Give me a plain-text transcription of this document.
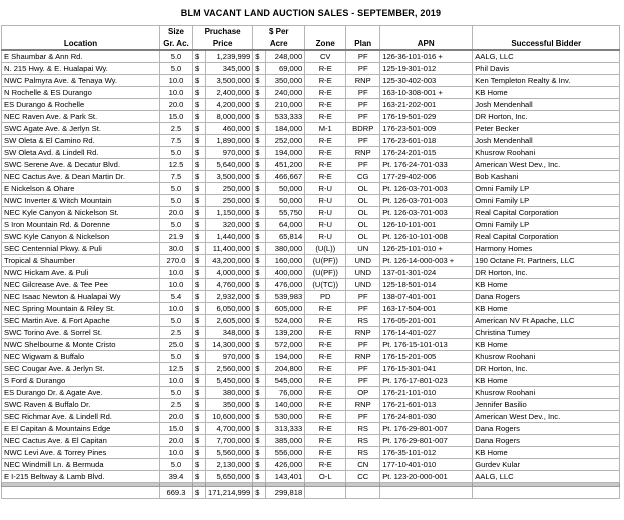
BLM VACANT LAND AUCTION SALES - SEPTEMBER, 2019
	Size	Pruchase		$ Per					
Location	Gr. Ac.	Price		Acre		Zone	Plan	APN	Successful Bidder
E Shaumbar & Ann Rd.	5.0	$	1,239,999	$	248,000	CV	PF	126-36-101-016 +	AALG, LLC
N. 215 Hwy. & E. Hualapai Wy.	5.0	$	345,000	$	69,000	R-E	PF	125-19-301-012	Phil Davis
NWC Palmyra Ave. & Tenaya Wy.	10.0	$	3,500,000	$	350,000	R-E	RNP	125-30-402-003	Ken Templeton Realty & Inv.
N Rochelle & ES Durango	10.0	$	2,400,000	$	240,000	R-E	PF	163-10-308-001 +	KB Home
ES Durango & Rochelle	20.0	$	4,200,000	$	210,000	R-E	PF	163-21-202-001	Josh Mendenhall
NEC Raven Ave. & Park St.	15.0	$	8,000,000	$	533,333	R-E	PF	176-19-501-029	DR Horton, Inc.
SWC Agate Ave. & Jerlyn St.	2.5	$	460,000	$	184,000	M-1	BDRP	176-23-501-009	Peter Becker
SW Oleta & El Camino Rd.	7.5	$	1,890,000	$	252,000	R-E	PF	176-23-601-018	Josh Mendenhall
SW Oleta Avd. & Lindell Rd.	5.0	$	970,000	$	194,000	R-E	RNP	176-24-201-015	Khusrow Roohani
SWC Serene Ave. & Decatur Blvd.	12.5	$	5,640,000	$	451,200	R-E	PF	Pt. 176-24-701-033	American West Dev., Inc.
NEC Cactus Ave. & Dean Martin Dr.	7.5	$	3,500,000	$	466,667	R-E	CG	177-29-402-006	Bob Kashani
E Nickelson & Ohare	5.0	$	250,000	$	50,000	R-U	OL	Pt. 126-03-701-003	Omni Family LP
NWC Inverter & Witch Mountain	5.0	$	250,000	$	50,000	R-U	OL	Pt. 126-03-701-003	Omni Family LP
NEC Kyle Canyon & Nickelson St.	20.0	$	1,150,000	$	55,750	R-U	OL	Pt. 126-03-701-003	Real Capital Corporation
S Iron Mountain Rd. & Dorenne	5.0	$	320,000	$	64,000	R-U	OL	126-10-101-001	Omni Family LP
SWC Kyle Canyon & Nickelson	21.9	$	1,440,000	$	65,814	R-U	OL	Pt. 126-10-101-008	Real Capital Corporation
SEC Centennial Pkwy. & Puli	30.0	$	11,400,000	$	380,000	(U(L))	UN	126-25-101-010 +	Harmony Homes
Tropical & Shaumber	270.0	$	43,200,000	$	160,000	(U(PF))	UND	Pt. 126-14-000-003 +	190 Octane Ft. Partners, LLC
NWC Hickam Ave. & Puli	10.0	$	4,000,000	$	400,000	(U(PF))	UND	137-01-301-024	DR Horton, Inc.
NEC Gilcrease Ave. & Tee Pee	10.0	$	4,760,000	$	476,000	(U(TC))	UND	125-18-501-014	KB Home
NEC Isaac Newton & Hualapai Wy	5.4	$	2,932,000	$	539,983	PD	PF	138-07-401-001	Dana Rogers
NEC Spring Mountain & Riley St.	10.0	$	6,050,000	$	605,000	R-E	PF	163-17-504-001	KB Home
SEC Martin Ave. & Fort Apache	5.0	$	2,605,000	$	524,000	R-E	RS	176-05-201-001	American NV Ft Apache, LLC
SWC Torino Ave. & Sorrel St.	2.5	$	348,000	$	139,200	R-E	RNP	176-14-401-027	Christina Tumey
NWC Shelbourne & Monte Cristo	25.0	$	14,300,000	$	572,000	R-E	PF	Pt. 176-15-101-013	KB Home
NEC Wigwam & Buffalo	5.0	$	970,000	$	194,000	R-E	RNP	176-15-201-005	Khusrow Roohani
SEC Cougar Ave. & Jerlyn St.	12.5	$	2,560,000	$	204,800	R-E	PF	176-15-301-041	DR Horton, Inc.
S Ford & Durango	10.0	$	5,450,000	$	545,000	R-E	PF	Pt. 176-17-801-023	KB Home
ES Durango Dr. & Agate Ave.	5.0	$	380,000	$	76,000	R-E	OP	176-21-101-010	Khusrow Roohani
SWC Raven & Buffalo Dr.	2.5	$	350,000	$	140,000	R-E	RNP	176-21-601-013	Jennifer Basilio
SEC Richmar Ave. & Lindell Rd.	20.0	$	10,600,000	$	530,000	R-E	PF	176-24-801-030	American West Dev., Inc.
E El Capitan & Mountains Edge	15.0	$	4,700,000	$	313,333	R-E	RS	Pt. 176-29-801-007	Dana Rogers
NEC Cactus Ave. & El Capitan	20.0	$	7,700,000	$	385,000	R-E	RS	Pt. 176-29-801-007	Dana Rogers
NWC Levi Ave. & Torrey Pines	10.0	$	5,560,000	$	556,000	R-E	RS	176-35-101-012	KB Home
NEC Windmill Ln. & Bermuda	5.0	$	2,130,000	$	426,000	R-E	CN	177-10-401-010	Gurdev Kular
E I-215 Beltway & Lamb Blvd.	39.4	$	5,650,000	$	143,401	O-L	CC	Pt. 123-20-000-001	AALG, LLC

	669.3	$	171,214,999	$	299,818				
